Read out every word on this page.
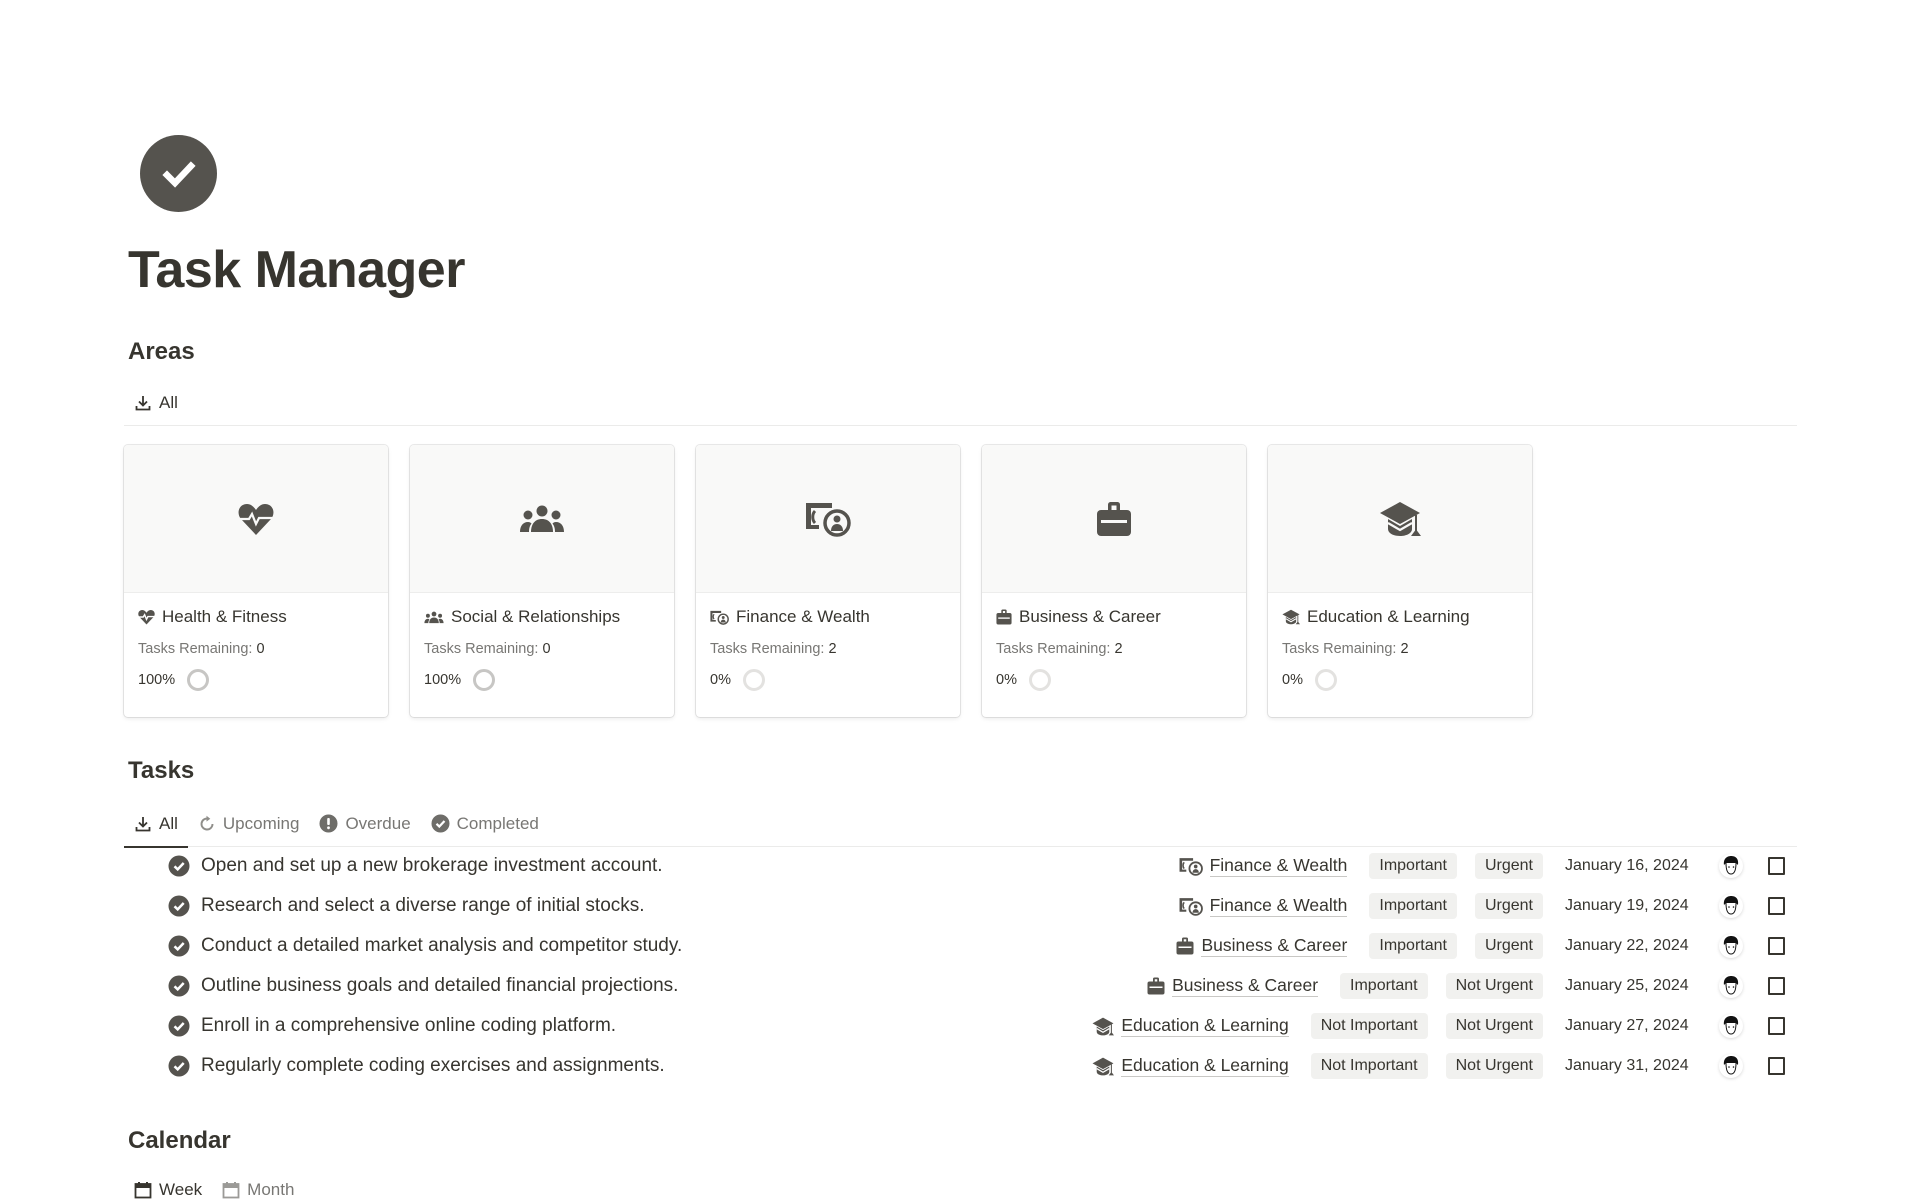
Task Manager
Areas
All
Health & Fitness
Tasks Remaining: 0
100%
Social & Relationships
Tasks Remaining: 0
100%
Finance & Wealth
Tasks Remaining: 2
0%
Business & Career
Tasks Remaining: 2
0%
Education & Learning
Tasks Remaining: 2
0%
Tasks
All	Upcoming	Overdue	Completed
Open and set up a new brokerage investment account.	Finance & Wealth	Important	Urgent	January 16, 2024
Research and select a diverse range of initial stocks.	Finance & Wealth	Important	Urgent	January 19, 2024
Conduct a detailed market analysis and competitor study.	Business & Career	Important	Urgent	January 22, 2024
Outline business goals and detailed financial projections.	Business & Career	Important	Not Urgent	January 25, 2024
Enroll in a comprehensive online coding platform.	Education & Learning	Not Important	Not Urgent	January 27, 2024
Regularly complete coding exercises and assignments.	Education & Learning	Not Important	Not Urgent	January 31, 2024
Calendar
Week	Month
